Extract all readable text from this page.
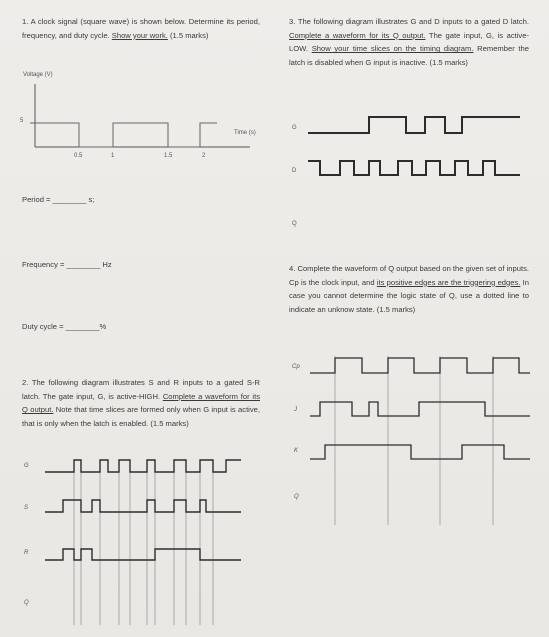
1. A clock signal (square wave) is shown below. Determine its period, frequency, and duty cycle. Show your work. (1.5 marks)
Voltage (V)
5
Time (s)
0.5	1	1.5	2
Period = ________ s;
Frequency = ________ Hz
Duty cycle = ________%
2. The following diagram illustrates S and R inputs to a gated S-R latch. The gate input, G, is active-HIGH. Complete a waveform for its Q output. Note that time slices are formed only when G input is active, that is only when the latch is enabled. (1.5 marks)
G
S
R
Q
3. The following diagram illustrates G and D inputs to a gated D latch. Complete a waveform for its Q output. The gate input, G, is active-LOW. Show your time slices on the timing diagram. Remember the latch is disabled when G input is inactive. (1.5 marks)
G
D
Q
4. Complete the waveform of Q output based on the given set of inputs. Cp is the clock input, and its positive edges are the triggering edges. In case you cannot determine the logic state of Q, use a dotted line to indicate an unknow state. (1.5 marks)
Cp
J
K
Q
